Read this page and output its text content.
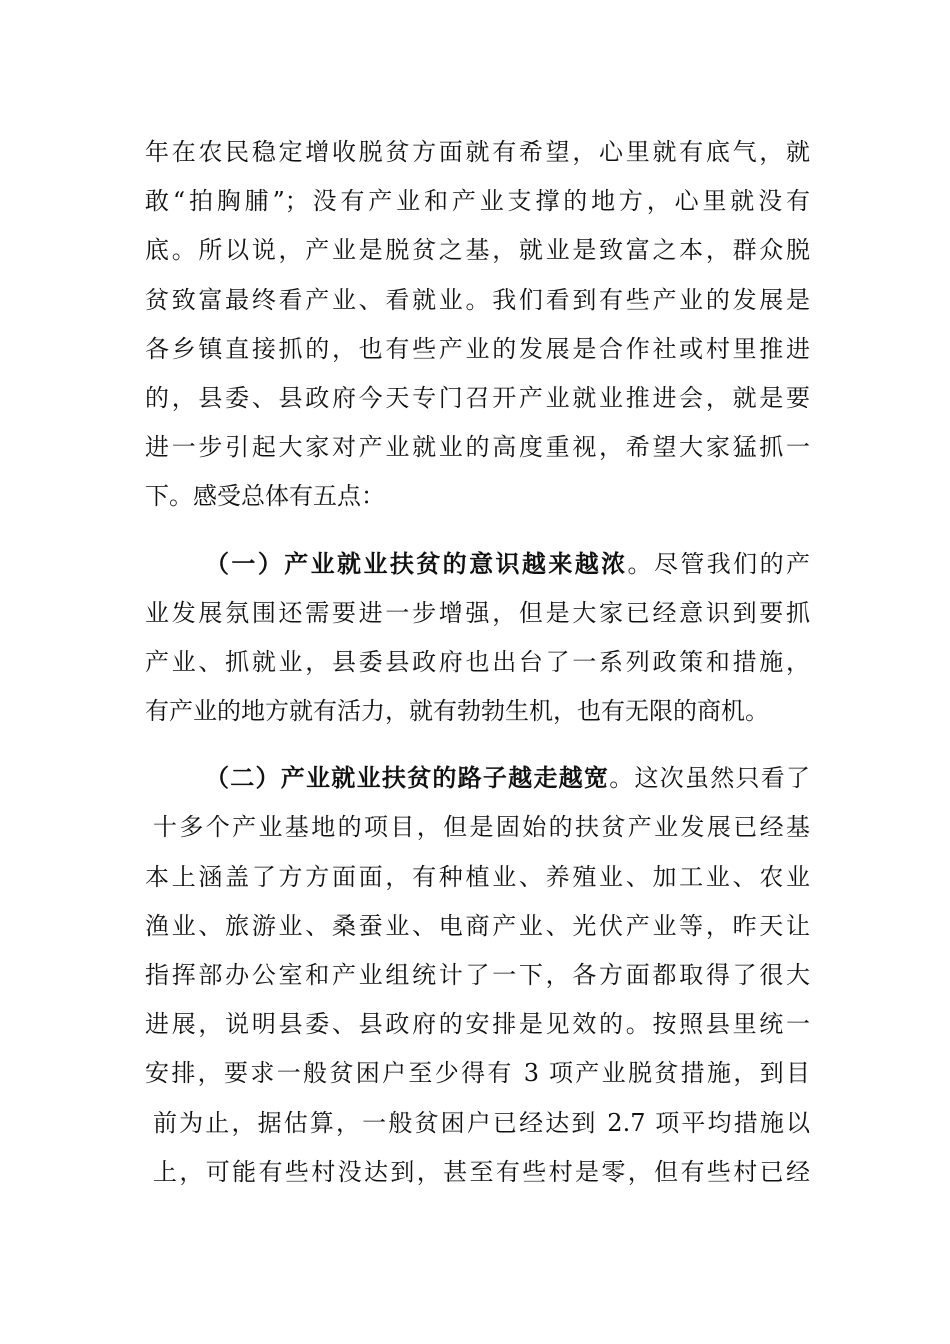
年在农民稳定增收脱贫方面就有希望，心里就有底气，就
敢“拍胸脯”；没有产业和产业支撑的地方，心里就没有
底。所以说，产业是脱贫之基，就业是致富之本，群众脱
贫致富最终看产业、看就业。我们看到有些产业的发展是
各乡镇直接抓的，也有些产业的发展是合作社或村里推进
的，县委、县政府今天专门召开产业就业推进会，就是要
进一步引起大家对产业就业的高度重视，希望大家猛抓一
下。感受总体有五点：
（一）产业就业扶贫的意识越来越浓。尽管我们的产
业发展氛围还需要进一步增强，但是大家已经意识到要抓
产业、抓就业，县委县政府也出台了一系列政策和措施，
有产业的地方就有活力，就有勃勃生机，也有无限的商机。
（二）产业就业扶贫的路子越走越宽。这次虽然只看了
十多个产业基地的项目，但是固始的扶贫产业发展已经基
本上涵盖了方方面面，有种植业、养殖业、加工业、农业
渔业、旅游业、桑蚕业、电商产业、光伏产业等，昨天让
指挥部办公室和产业组统计了一下，各方面都取得了很大
进展，说明县委、县政府的安排是见效的。按照县里统一
安排，要求一般贫困户至少得有 3 项产业脱贫措施，到目
前为止，据估算，一般贫困户已经达到 2.7 项平均措施以
上，可能有些村没达到，甚至有些村是零，但有些村已经
